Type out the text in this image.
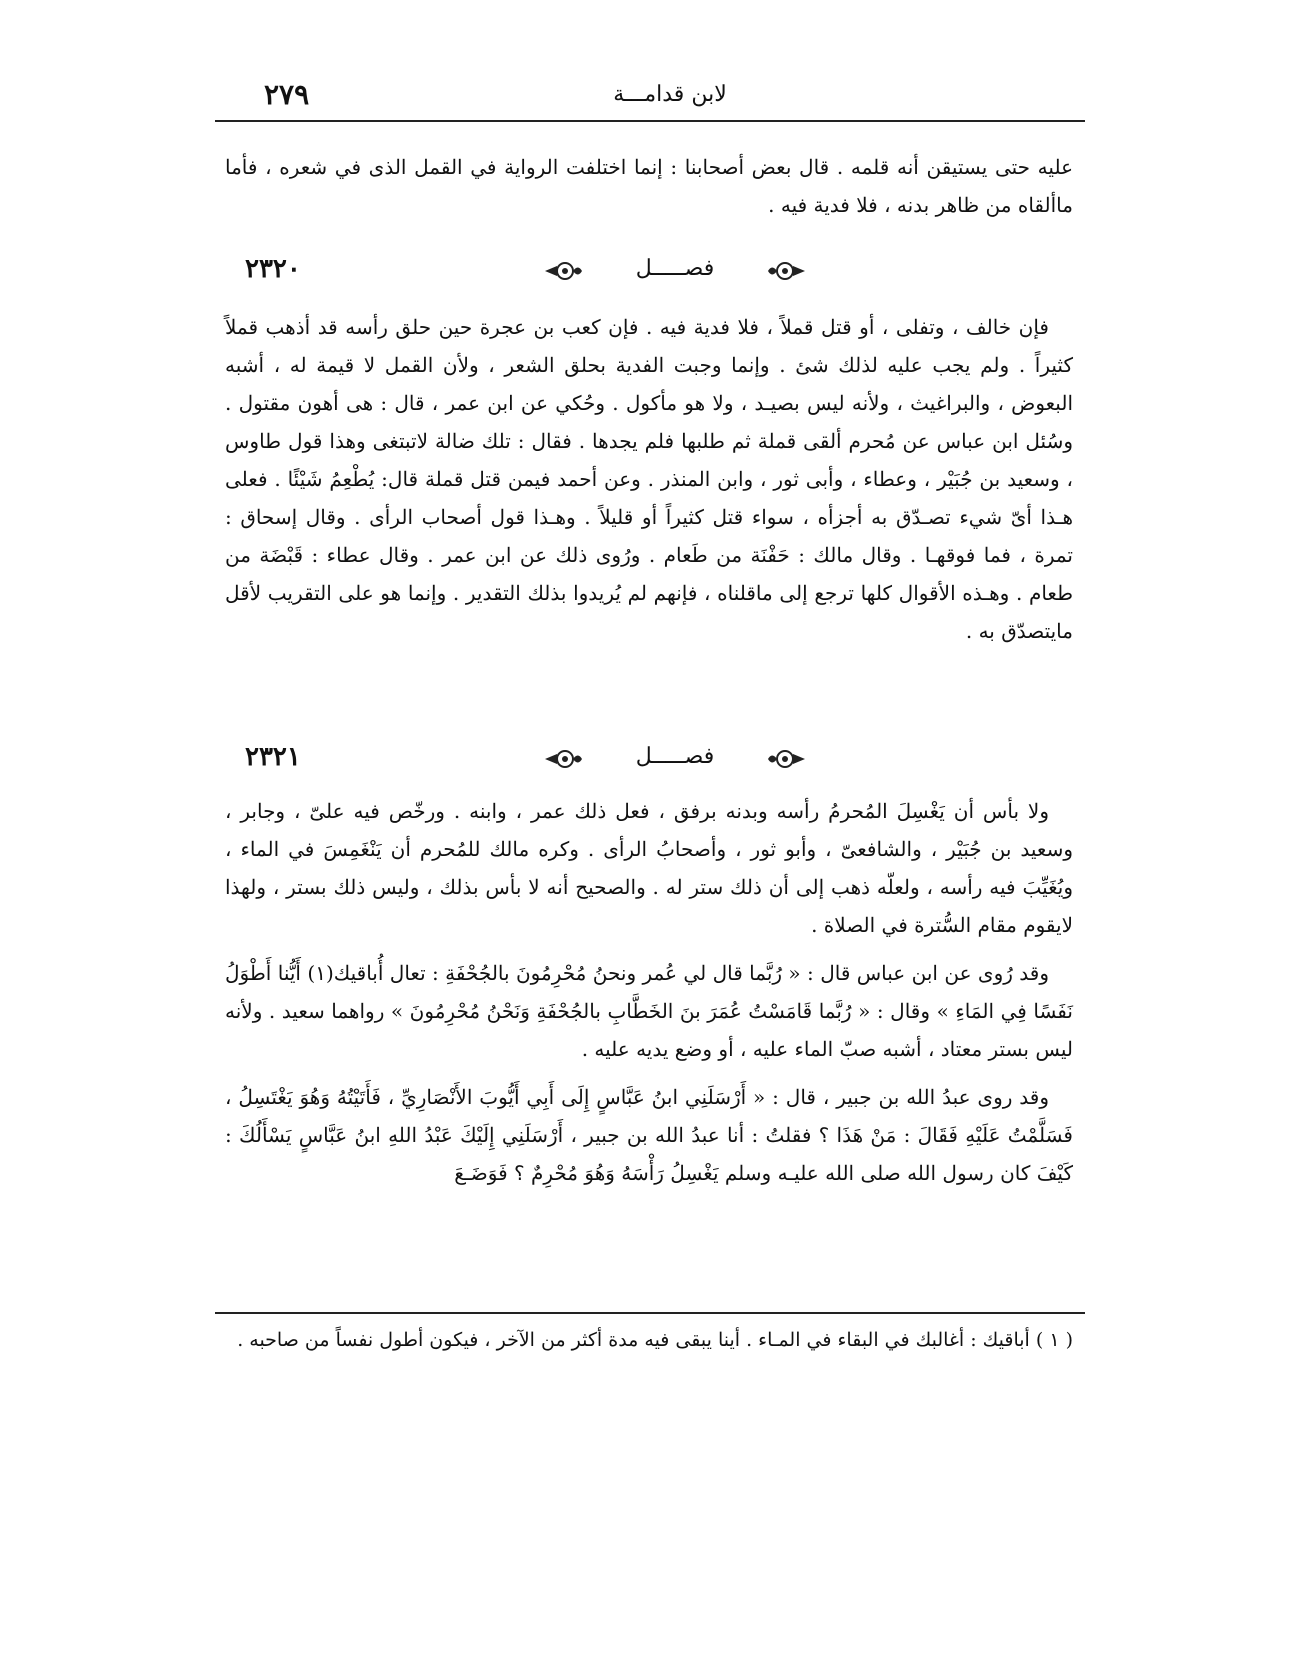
٢٧٩	لابن قدامـــة

عليه حتى يستيقن أنه قلمه . قال بعض أصحابنا : إنما اختلفت الرواية في القمل الذى في شعره ، فأما ماألقاه من ظاهر بدنه ، فلا فدية فيه .

٢٣٢٠	فصـــــل

فإن خالف ، وتفلى ، أو قتل قملاً ، فلا فدية فيه . فإن كعب بن عجرة حين حلق رأسه قد أذهب قملاً كثيراً . ولم يجب عليه لذلك شئ . وإنما وجبت الفدية بحلق الشعر ، ولأن القمل لا قيمة له ، أشبه البعوض ، والبراغيث ، ولأنه ليس بصيـد ، ولا هو مأكول . وحُكي عن ابن عمر ، قال : هى أهون مقتول . وسُئل ابن عباس عن مُحرم ألقى قملة ثم طلبها فلم يجدها . فقال : تلك ضالة لاتبتغى وهذا قول طاوس ، وسعيد بن جُبَيْر ، وعطاء ، وأبى ثور ، وابن المنذر . وعن أحمد فيمن قتل قملة قال: يُطْعِمُ شَيْئًا . فعلى هـذا أىّ شيء تصـدّق به أجزأه ، سواء قتل كثيراً أو قليلاً . وهـذا قول أصحاب الرأى . وقال إسحاق : تمرة ، فما فوقهـا . وقال مالك : حَفْنَة من طَعام . ورُوى ذلك عن ابن عمر . وقال عطاء : قَبْضَة من طعام . وهـذه الأقوال كلها ترجع إلى ماقلناه ، فإنهم لم يُريدوا بذلك التقدير . وإنما هو على التقريب لأقل مايتصدّق به .

٢٣٢١	فصـــــل

ولا بأس أن يَغْسِلَ المُحرمُ رأسه وبدنه برفق ، فعل ذلك عمر ، وابنه . ورخّص فيه علىّ ، وجابر ، وسعيد بن جُبَيْر ، والشافعىّ ، وأبو ثور ، وأصحابُ الرأى . وكره مالك للمُحرم أن يَنْغَمِسَ في الماء ، ويُغَيِّبَ فيه رأسه ، ولعلّه ذهب إلى أن ذلك ستر له . والصحيح أنه لا بأس بذلك ، وليس ذلك بستر ، ولهذا لايقوم مقام السُّترة في الصلاة .

وقد رُوى عن ابن عباس قال : « رُبَّما قال لي عُمر ونحنُ مُحْرِمُونَ بالجُحْفَةِ : تعال أُباقيك(١) أَيُّنا أَطْوَلُ نَفَسًا فِي المَاءِ » وقال : « رُبَّما قَامَسْتُ عُمَرَ بنَ الخَطَّابِ بالجُحْفَةِ وَنَحْنُ مُحْرِمُونَ » رواهما سعيد . ولأنه ليس بستر معتاد ، أشبه صبّ الماء عليه ، أو وضع يديه عليه .

وقد روى عبدُ الله بن جبير ، قال : « أَرْسَلَنِي ابنُ عَبَّاسٍ إِلَى أَبِي أَيُّوبَ الأَنْصَارِيِّ ، فَأَتَيْتُهُ وَهُوَ يَغْتَسِلُ ، فَسَلَّمْتُ عَلَيْهِ فَقَالَ : مَنْ هَذَا ؟ فقلتُ : أنا عبدُ الله بن جبير ، أَرْسَلَنِي إِلَيْكَ عَبْدُ اللهِ ابنُ عَبَّاسٍ يَسْأَلُكَ : كَيْفَ كان رسول الله صلى الله عليـه وسلم يَغْسِلُ رَأْسَهُ وَهُوَ مُحْرِمٌ ؟ فَوَضَـعَ

( ١ ) أباقيك : أغالبك في البقاء في المـاء . أينا يبقى فيه مدة أكثر من الآخر ، فيكون أطول نفساً من صاحبه .
